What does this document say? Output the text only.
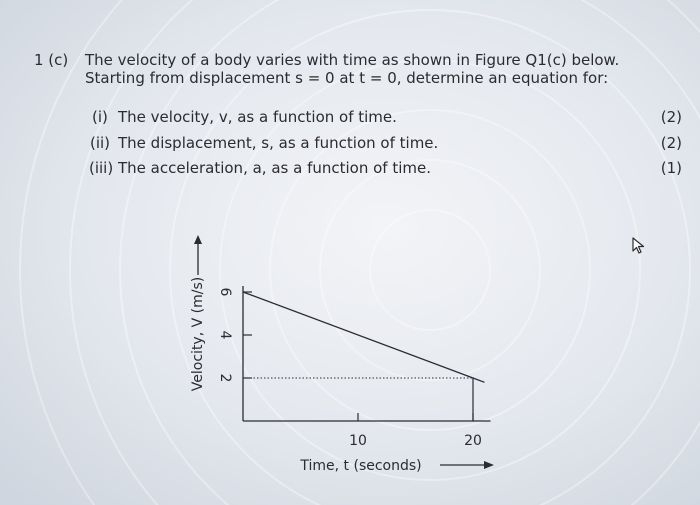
1 (c) The velocity of a body varies with time as shown in Figure Q1(c) below.
Starting from displacement s = 0 at t = 0, determine an equation for:
(i) The velocity, v, as a function of time.	(2)
(ii) The displacement, s, as a function of time.	(2)
(iii) The acceleration, a, as a function of time.	(1)
2
4
6
10	20
Velocity, V (m/s)
Time, t (seconds)
